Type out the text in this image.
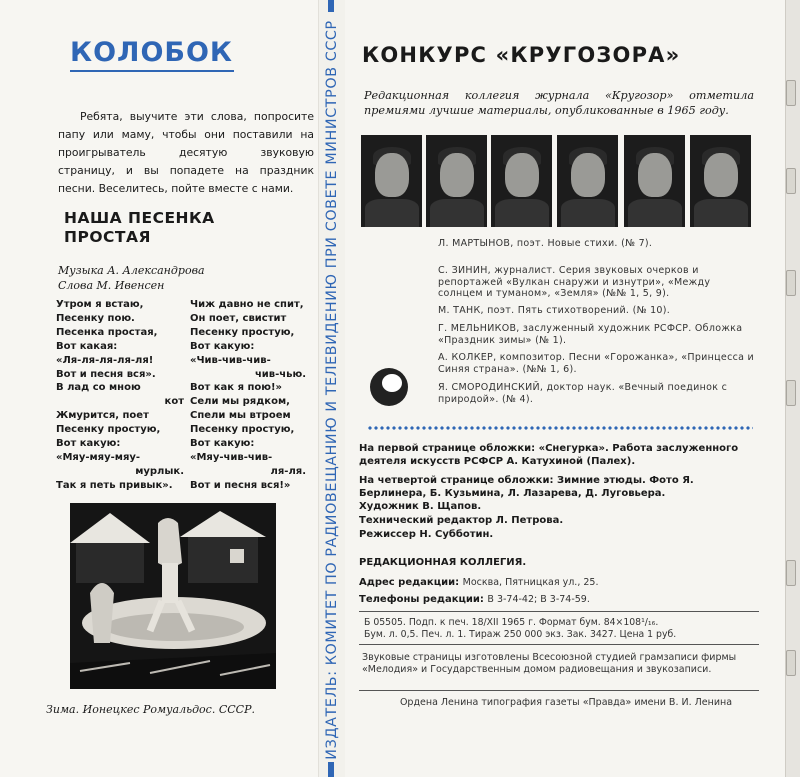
ИЗДАТЕЛЬ: КОМИТЕТ ПО РАДИОВЕЩАНИЮ И ТЕЛЕВИДЕНИЮ ПРИ СОВЕТЕ МИНИСТРОВ СССР
КОЛОБОК
Ребята, выучите эти слова, попросите папу или маму, чтобы они поставили на проигрыватель десятую звуковую страницу, и вы попадете на праздник песни. Веселитесь, пойте вместе с нами.
НАША ПЕСЕНКА ПРОСТАЯ
Музыка А. Александрова
Слова М. Ивенсен
Утром я встаю,
Песенку пою.
Песенка простая,
Вот какая:
«Ля-ля-ля-ля-ля!
Вот и песня вся».
В лад со мною
кот
Жмурится, поет
Песенку простую,
Вот какую:
«Мяу-мяу-мяу-
мурлык.
Так я петь привык».
Чиж давно не спит,
Он поет, свистит
Песенку простую,
Вот какую:
«Чив-чив-чив-
чив-чью.
Вот как я пою!»
Сели мы рядком,
Спели мы втроем
Песенку простую,
Вот какую:
«Мяу-чив-чив-
ля-ля.
Вот и песня вся!»
Зима. Ионецкес Ромуальдос. СССР.
КОНКУРС «КРУГОЗОРА»
Редакционная коллегия журнала «Кругозор» отметила премиями лучшие материалы, опубликованные в 1965 году.
Л. МАРТЫНОВ, поэт. Новые стихи. (№ 7).
С. ЗИНИН, журналист. Серия звуковых очерков и репортажей «Вулкан снаружи и изнутри», «Между солнцем и туманом», «Земля» (№№ 1, 5, 9).
М. ТАНК, поэт. Пять стихотворений. (№ 10).
Г. МЕЛЬНИКОВ, заслуженный художник РСФСР. Обложка «Праздник зимы» (№ 1).
А. КОЛКЕР, композитор. Песни «Горожанка», «Принцесса и Синяя страна». (№№ 1, 6).
Я. СМОРОДИНСКИЙ, доктор наук. «Вечный поединок с природой». (№ 4).
На первой странице обложки: «Снегурка». Работа заслуженного деятеля искусств РСФСР А. Катухиной (Палех).
На четвертой странице обложки: Зимние этюды. Фото Я. Берлинера, Б. Кузьмина, Л. Лазарева, Д. Луговьера.
Художник В. Щапов.
Технический редактор Л. Петрова.
Режиссер Н. Субботин.
РЕДАКЦИОННАЯ КОЛЛЕГИЯ.
Адрес редакции: Москва, Пятницкая ул., 25.
Телефоны редакции: В 3-74-42; В 3-74-59.
Б 05505. Подп. к печ. 18/XII 1965 г. Формат бум. 84×108¹/₁₆.
Бум. л. 0,5. Печ. л. 1. Тираж 250 000 экз. Зак. 3427. Цена 1 руб.
Звуковые страницы изготовлены Всесоюзной студией грамзаписи фирмы «Мелодия» и Государственным домом радиовещания и звукозаписи.
Ордена Ленина типография газеты «Правда» имени В. И. Ленина
